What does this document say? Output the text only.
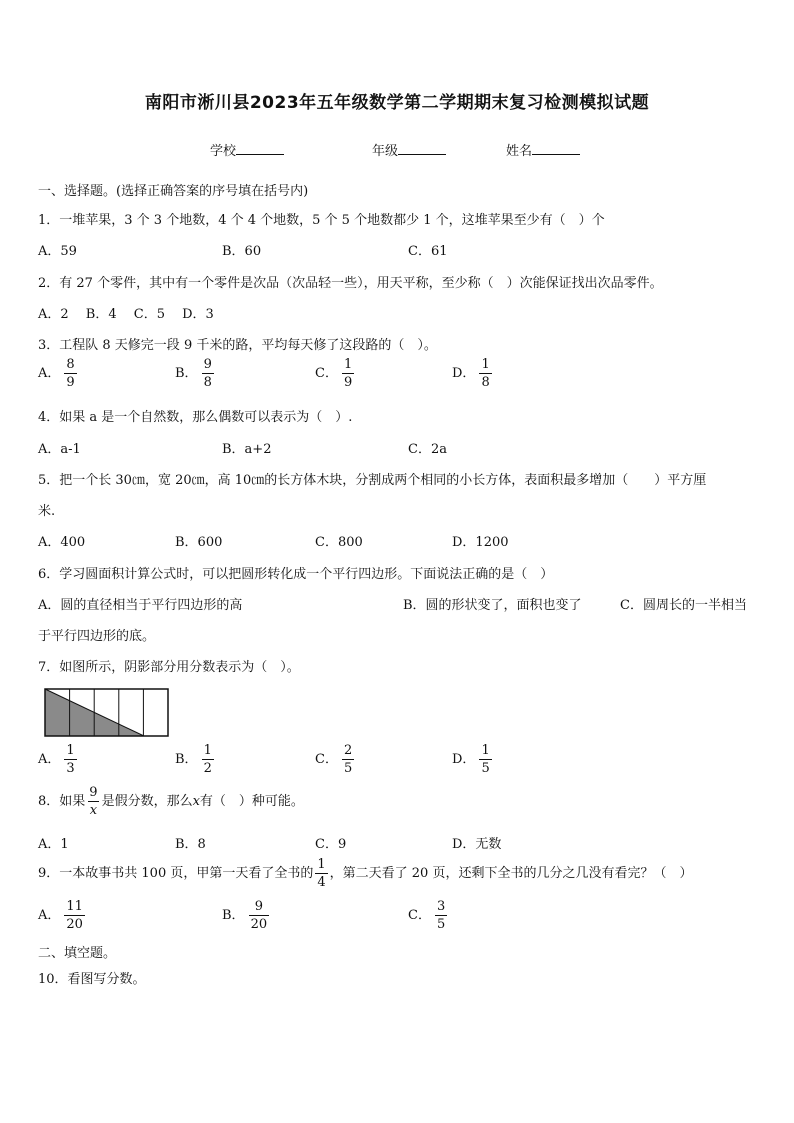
南阳市淅川县2023年五年级数学第二学期期末复习检测模拟试题
学校	年级	姓名
一、选择题。(选择正确答案的序号填在括号内)
1．一堆苹果，3 个 3 个地数，4 个 4 个地数，5 个 5 个地数都少 1 个，这堆苹果至少有（　）个
A．59	B．60	C．61
2．有 27 个零件，其中有一个零件是次品（次品轻一些），用天平称，至少称（　）次能保证找出次品零件。
A．2　 B．4　 C．5　 D．3
3．工程队 8 天修完一段 9 千米的路，平均每天修了这段路的（　）。
A． $\frac{8}{9}$	B． $\frac{9}{8}$	C． $\frac{1}{9}$	D． $\frac{1}{8}$
4．如果 a 是一个自然数，那么偶数可以表示为（　）.
A．a-1	B．a+2	C．2a
5．把一个长 30㎝，宽 20㎝，高 10㎝的长方体木块，分割成两个相同的小长方体，表面积最多增加（　　）平方厘
米.
A．400	B．600	C．800	D．1200
6．学习圆面积计算公式时，可以把圆形转化成一个平行四边形。下面说法正确的是（　）
A．圆的直径相当于平行四边形的高	B．圆的形状变了，面积也变了	C．圆周长的一半相当
于平行四边形的底。
7．如图所示，阴影部分用分数表示为（　）。
A． $\frac{1}{3}$	B． $\frac{1}{2}$	C． $\frac{2}{5}$	D． $\frac{1}{5}$
8．如果 $\frac{9}{x}$ 是假分数，那么x有（　）种可能。
A．1	B．8	C．9	D．无数
9．一本故事书共 100 页，甲第一天看了全书的 $\frac{1}{4}$ ，第二天看了 20 页，还剩下全书的几分之几没有看完？（　）
A． $\frac{11}{20}$	B． $\frac{9}{20}$	C． $\frac{3}{5}$
二、填空题。
10．看图写分数。
